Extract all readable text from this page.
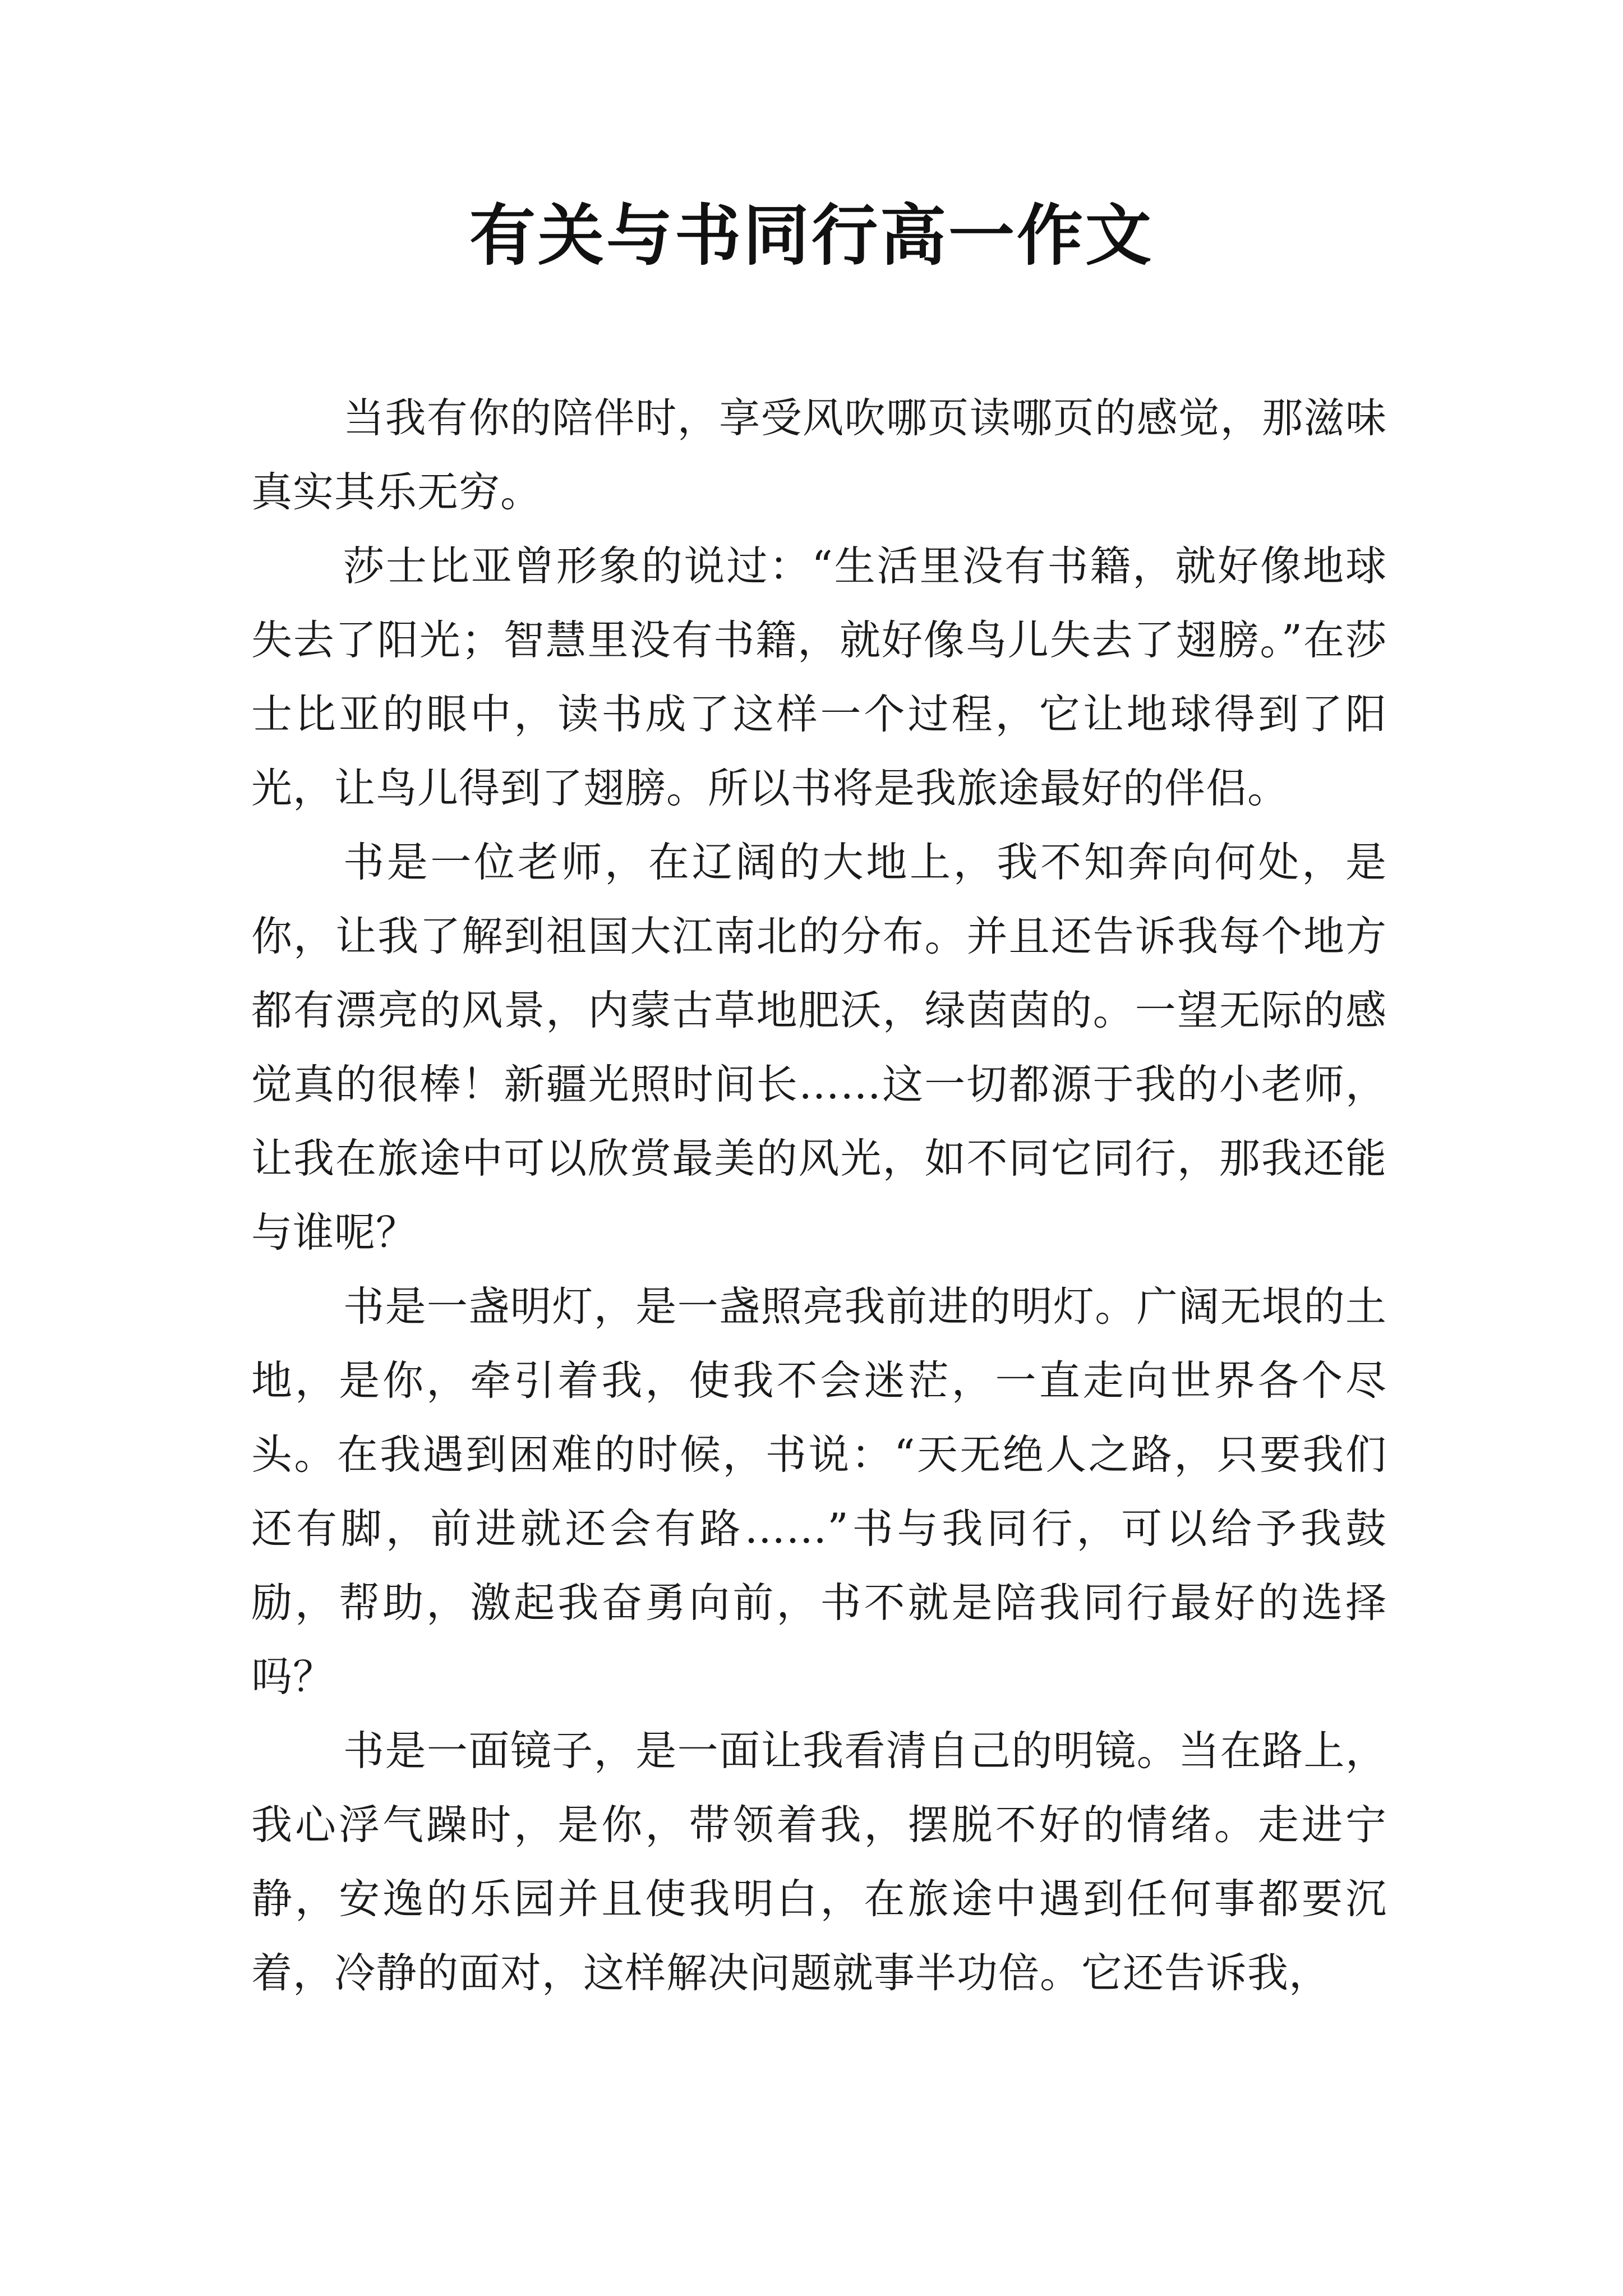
有关与书同行高一作文

当我有你的陪伴时，享受风吹哪页读哪页的感觉，那滋味真实其乐无穷。

莎士比亚曾形象的说过：“生活里没有书籍，就好像地球失去了阳光；智慧里没有书籍，就好像鸟儿失去了翅膀。”在莎士比亚的眼中，读书成了这样一个过程，它让地球得到了阳光，让鸟儿得到了翅膀。所以书将是我旅途最好的伴侣。

书是一位老师，在辽阔的大地上，我不知奔向何处，是你，让我了解到祖国大江南北的分布。并且还告诉我每个地方都有漂亮的风景，内蒙古草地肥沃，绿茵茵的。一望无际的感觉真的很棒！新疆光照时间长……这一切都源于我的小老师，让我在旅途中可以欣赏最美的风光，如不同它同行，那我还能与谁呢？

书是一盏明灯，是一盏照亮我前进的明灯。广阔无垠的土地，是你，牵引着我，使我不会迷茫，一直走向世界各个尽头。在我遇到困难的时候，书说：“天无绝人之路，只要我们还有脚，前进就还会有路……”书与我同行，可以给予我鼓励，帮助，激起我奋勇向前，书不就是陪我同行最好的选择吗？

书是一面镜子，是一面让我看清自己的明镜。当在路上，我心浮气躁时，是你，带领着我，摆脱不好的情绪。走进宁静，安逸的乐园并且使我明白，在旅途中遇到任何事都要沉着，冷静的面对，这样解决问题就事半功倍。它还告诉我，
